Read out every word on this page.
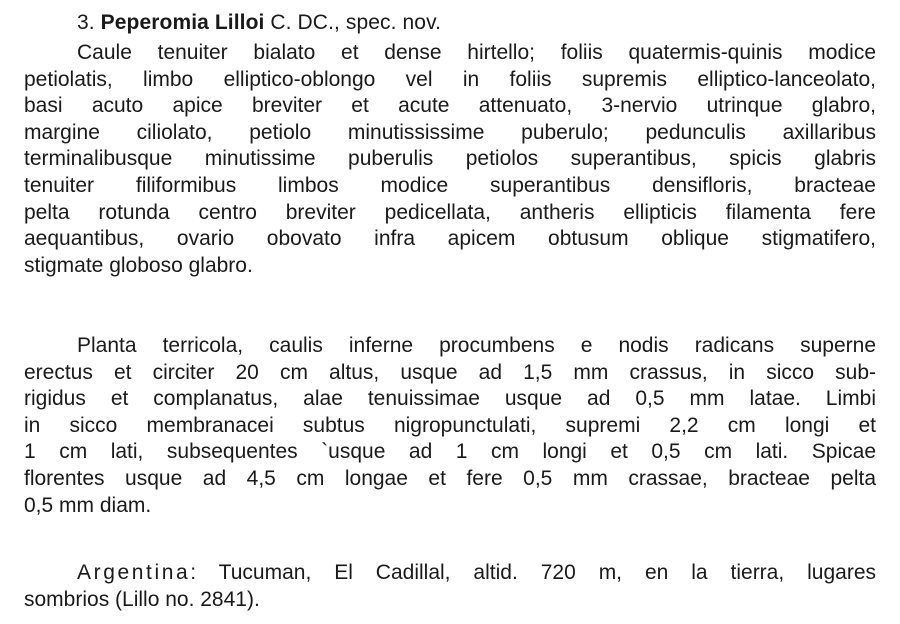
3. Peperomia Lilloi C. DC., spec. nov.
Caule tenuiter bialato et dense hirtello; foliis quatermis-quinis modice
petiolatis, limbo elliptico-oblongo vel in foliis supremis elliptico-lanceolato,
basi acuto apice breviter et acute attenuato, 3-nervio utrinque glabro,
margine ciliolato, petiolo minutississime puberulo; pedunculis axillaribus
terminalibusque minutissime puberulis petiolos superantibus, spicis glabris
tenuiter filiformibus limbos modice superantibus densifloris, bracteae
pelta rotunda centro breviter pedicellata, antheris ellipticis filamenta fere
aequantibus, ovario obovato infra apicem obtusum oblique stigmatifero,
stigmate globoso glabro.
Planta terricola, caulis inferne procumbens e nodis radicans superne
erectus et circiter 20 cm altus, usque ad 1,5 mm crassus, in sicco sub-
rigidus et complanatus, alae tenuissimae usque ad 0,5 mm latae. Limbi
in sicco membranacei subtus nigropunctulati, supremi 2,2 cm longi et
1 cm lati, subsequentes `usque ad 1 cm longi et 0,5 cm lati. Spicae
florentes usque ad 4,5 cm longae et fere 0,5 mm crassae, bracteae pelta
0,5 mm diam.
Argentina: Tucuman, El Cadillal, altid. 720 m, en la tierra, lugares
sombrios (Lillo no. 2841).
